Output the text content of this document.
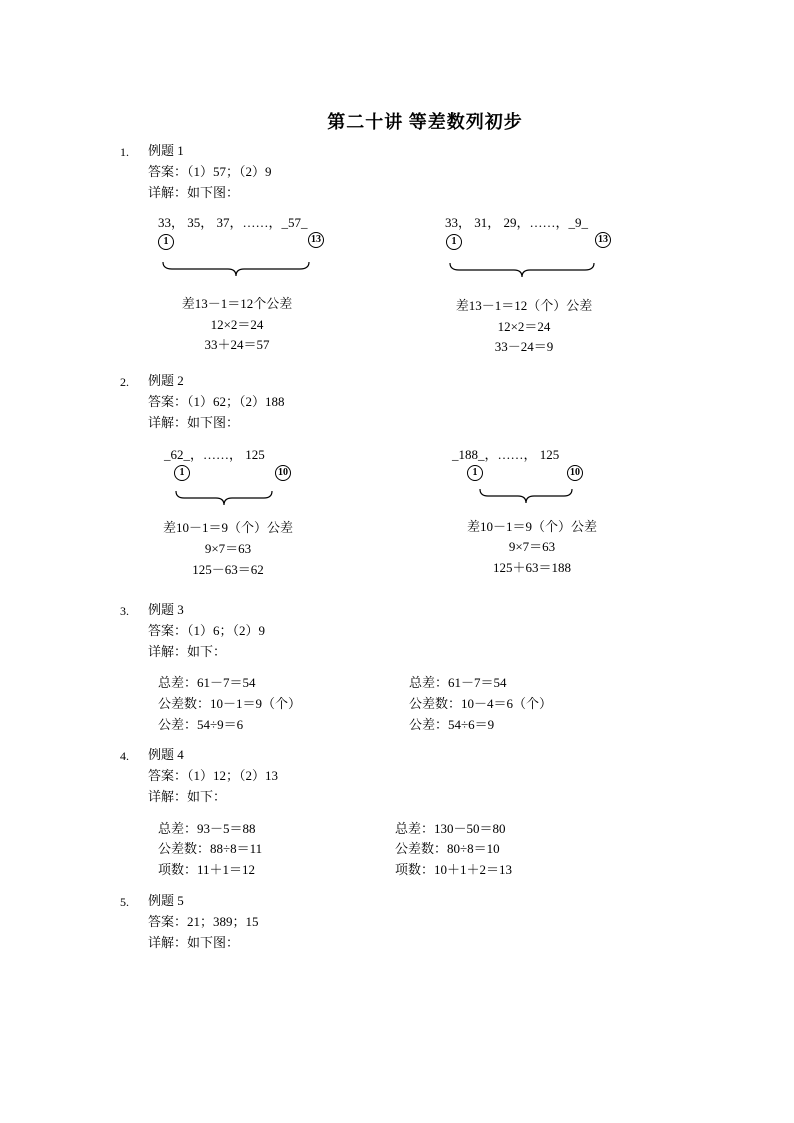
第二十讲 等差数列初步
1. 例题 1
答案：（1）57；（2）9
详解：如下图：
33， 35， 37，……，_57_
1	13
差13－1＝12个公差
12×2＝24
33＋24＝57
33， 31， 29，……，_9_
1	13
差13－1＝12（个）公差
12×2＝24
33－24＝9
2. 例题 2
答案：（1）62；（2）188
详解：如下图：
_62_，……， 125
1	10
差10－1＝9（个）公差
9×7＝63
125－63＝62
_188_，……， 125
1	10
差10－1＝9（个）公差
9×7＝63
125＋63＝188
3. 例题 3
答案：（1）6；（2）9
详解：如下：
总差：61－7＝54
公差数：10－1＝9（个）
公差：54÷9＝6
总差：61－7＝54
公差数：10－4＝6（个）
公差：54÷6＝9
4. 例题 4
答案：（1）12；（2）13
详解：如下：
总差：93－5＝88
公差数：88÷8＝11
项数：11＋1＝12
总差：130－50＝80
公差数：80÷8＝10
项数：10＋1＋2＝13
5. 例题 5
答案：21；389；15
详解：如下图：
